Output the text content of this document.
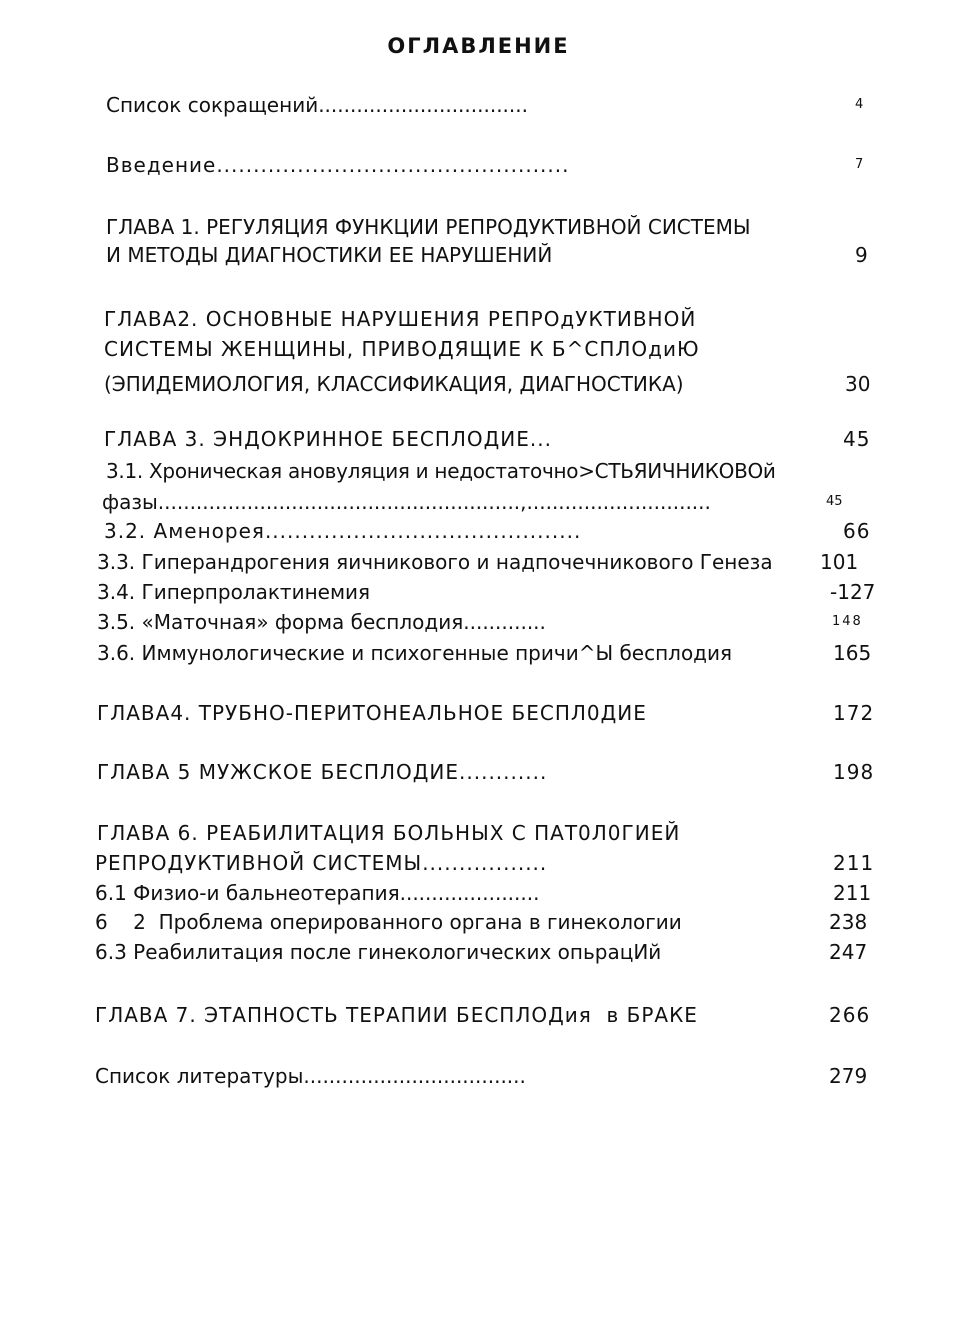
ОГЛАВЛЕНИЕ
Список сокращений.................................	4
Введение................................................	7
ГЛАВА 1. РЕГУЛЯЦИЯ ФУНКЦИИ РЕПРОДУКТИВНОЙ СИСТЕМЫ
И МЕТОДЫ ДИАГНОСТИКИ ЕЕ НАРУШЕНИЙ	9
ГЛАВА2. ОСНОВНЫЕ НАРУШЕНИЯ РЕПРОдУКТИВНОЙ
СИСТЕМЫ ЖЕНЩИНЫ, ПРИВОДЯЩИЕ К Б^СПЛОдиЮ
(ЭПИДЕМИОЛОГИЯ, КЛАССИФИКАЦИЯ, ДИАГНОСТИКА)	30
ГЛАВА 3. ЭНДОКРИННОЕ БЕСПЛОДИЕ...	45
3.1. Хроническая ановуляция и недостаточно>СТЬЯИЧНИКОВОй
фазы.........................................................,.............................	45
3.2. Аменорея...........................................	66
3.3. Гиперандрогения яичникового и надпочечникового Генеза 101
3.4. Гиперпролактинемия	-127
3.5. «Маточная» форма бесплодия.............	148
3.6. Иммунологические и психогенные причи^Ы бесплодия	165
ГЛАВА4. ТРУБНО-ПЕРИТОНЕАЛЬНОЕ БЕСПЛ0ДИЕ	172
ГЛАВА 5 МУЖСКОЕ БЕСПЛОДИЕ............	198
ГЛАВА 6. РЕАБИЛИТАЦИЯ БОЛЬНЫХ С ПАТ0Л0ГИЕЙ
РЕПРОДУКТИВНОЙ СИСТЕМЫ.................	211
6.1 Физио-и бальнеотерапия......................	211
6    2  Проблема оперированного органа в гинекологии	238
6.3 Реабилитация после гинекологических опьрацИй	247
ГЛАВА 7. ЭТАПНОСТЬ ТЕРАПИИ БЕСПЛОДия  в БРАКЕ	266
Список литературы...................................	279
